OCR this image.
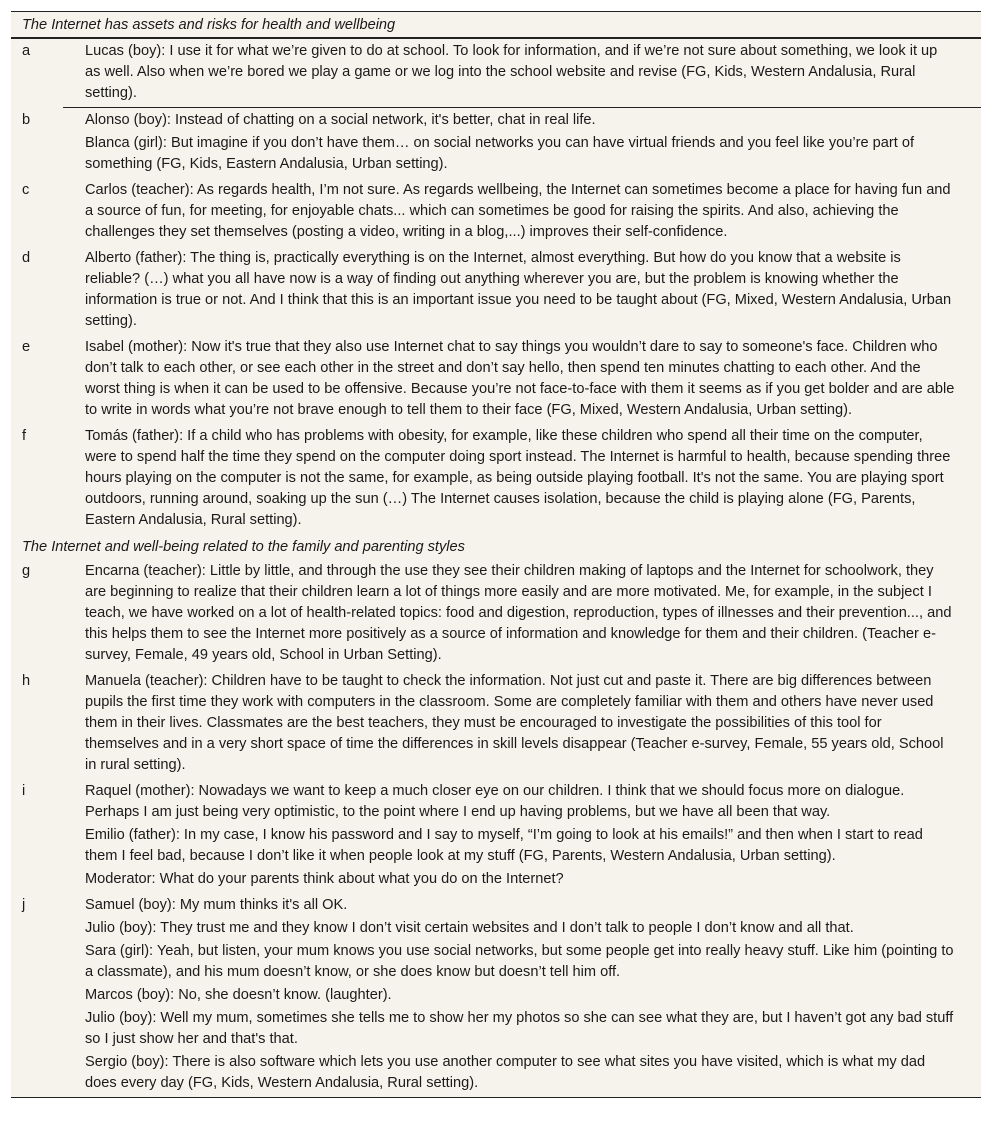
The Internet has assets and risks for health and wellbeing
a	Lucas (boy): I use it for what we’re given to do at school. To look for information, and if we’re not sure about something, we look it up as well. Also when we’re bored we play a game or we log into the school website and revise (FG, Kids, Western Andalusia, Rural setting).
b	Alonso (boy): Instead of chatting on a social network, it's better, chat in real life.
Blanca (girl): But imagine if you don’t have them… on social networks you can have virtual friends and you feel like you’re part of something (FG, Kids, Eastern Andalusia, Urban setting).
c	Carlos (teacher): As regards health, I’m not sure. As regards wellbeing, the Internet can sometimes become a place for having fun and a source of fun, for meeting, for enjoyable chats... which can sometimes be good for raising the spirits. And also, achieving the challenges they set themselves (posting a video, writing in a blog,...) improves their self-confidence.
d	Alberto (father): The thing is, practically everything is on the Internet, almost everything. But how do you know that a website is reliable? (…) what you all have now is a way of finding out anything wherever you are, but the problem is knowing whether the information is true or not. And I think that this is an important issue you need to be taught about (FG, Mixed, Western Andalusia, Urban setting).
e	Isabel (mother): Now it's true that they also use Internet chat to say things you wouldn’t dare to say to someone's face. Children who don’t talk to each other, or see each other in the street and don’t say hello, then spend ten minutes chatting to each other. And the worst thing is when it can be used to be offensive. Because you’re not face-to-face with them it seems as if you get bolder and are able to write in words what you’re not brave enough to tell them to their face (FG, Mixed, Western Andalusia, Urban setting).
f	Tomás (father): If a child who has problems with obesity, for example, like these children who spend all their time on the computer, were to spend half the time they spend on the computer doing sport instead. The Internet is harmful to health, because spending three hours playing on the computer is not the same, for example, as being outside playing football. It's not the same. You are playing sport outdoors, running around, soaking up the sun (…) The Internet causes isolation, because the child is playing alone (FG, Parents, Eastern Andalusia, Rural setting).
The Internet and well-being related to the family and parenting styles
g	Encarna (teacher): Little by little, and through the use they see their children making of laptops and the Internet for schoolwork, they are beginning to realize that their children learn a lot of things more easily and are more motivated. Me, for example, in the subject I teach, we have worked on a lot of health-related topics: food and digestion, reproduction, types of illnesses and their prevention..., and this helps them to see the Internet more positively as a source of information and knowledge for them and their children. (Teacher e-survey, Female, 49 years old, School in Urban Setting).
h	Manuela (teacher): Children have to be taught to check the information. Not just cut and paste it. There are big differences between pupils the first time they work with computers in the classroom. Some are completely familiar with them and others have never used them in their lives. Classmates are the best teachers, they must be encouraged to investigate the possibilities of this tool for themselves and in a very short space of time the differences in skill levels disappear (Teacher e-survey, Female, 55 years old, School in rural setting).
i	Raquel (mother): Nowadays we want to keep a much closer eye on our children. I think that we should focus more on dialogue. Perhaps I am just being very optimistic, to the point where I end up having problems, but we have all been that way.
Emilio (father): In my case, I know his password and I say to myself, “I’m going to look at his emails!” and then when I start to read them I feel bad, because I don’t like it when people look at my stuff (FG, Parents, Western Andalusia, Urban setting).
Moderator: What do your parents think about what you do on the Internet?
j	Samuel (boy): My mum thinks it's all OK.
Julio (boy): They trust me and they know I don’t visit certain websites and I don’t talk to people I don’t know and all that.
Sara (girl): Yeah, but listen, your mum knows you use social networks, but some people get into really heavy stuff. Like him (pointing to a classmate), and his mum doesn’t know, or she does know but doesn’t tell him off.
Marcos (boy): No, she doesn’t know. (laughter).
Julio (boy): Well my mum, sometimes she tells me to show her my photos so she can see what they are, but I haven’t got any bad stuff so I just show her and that's that.
Sergio (boy): There is also software which lets you use another computer to see what sites you have visited, which is what my dad does every day (FG, Kids, Western Andalusia, Rural setting).
